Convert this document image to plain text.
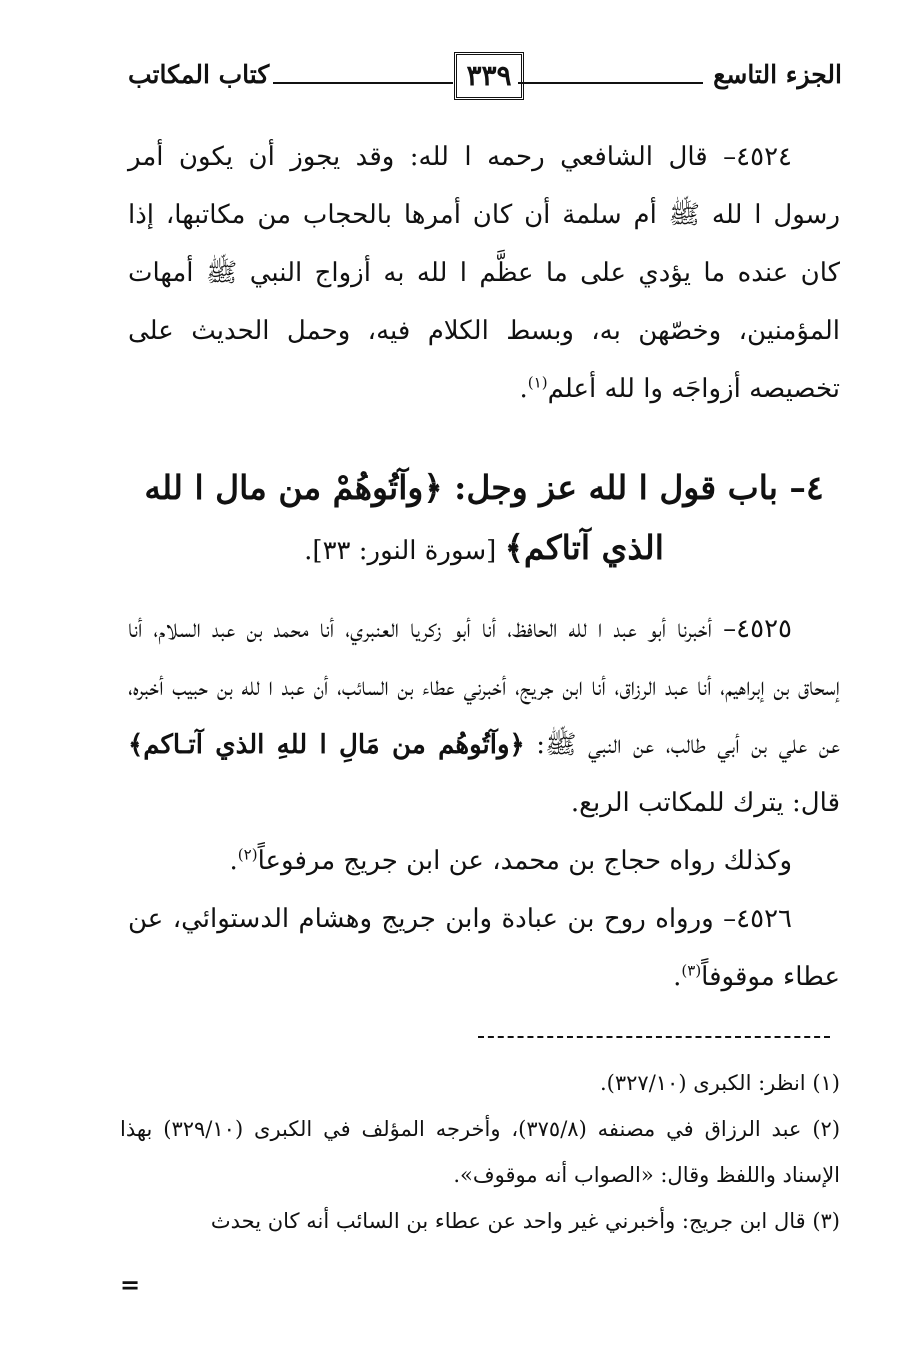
الجزء التاسع
٣٣٩
كتاب المكاتب

٤٥٢٤– قال الشافعي رحمه ا لله: وقد يجوز أن يكون أمر رسول ا لله ﷺ أم سلمة أن كان أمرها بالحجاب من مكاتبها، إذا كان عنده ما يؤدي على ما عظَّم ا لله به أزواج النبي ﷺ أمهات المؤمنين، وخصّهن به، وبسط الكلام فيه، وحمل الحديث على تخصيصه أزواجَه وا لله أعلم$^{(١)}$.

٤– باب قول ا لله عز وجل: ﴿وآتُوهُمْ من مال ا لله الذي آتاكم﴾ [سورة النور: ٣٣].

٤٥٢٥– أخبرنا أبو عبد ا لله الحافظ، أنا أبو زكريا العنبري، أنا محمد بن عبد السلام، أنا إسحاق بن إبراهيم، أنا عبد الرزاق، أنا ابن جريج، أخبرني عطاء بن السائب، أن عبد ا لله بن حبيب أخبره، عن علي بن أبي طالب، عن النبي ﷺ: ﴿وآتُوهُم من مَالِ ا للهِ الذي آتـاكم﴾ قال: يترك للمكاتب الربع.

وكذلك رواه حجاج بن محمد، عن ابن جريج مرفوعاً$^{(٢)}$.

٤٥٢٦– ورواه روح بن عبادة وابن جريج وهشام الدستوائي، عن عطاء موقوفاً$^{(٣)}$.

(١) انظر: الكبرى (٣٢٧/١٠).

(٢) عبد الرزاق في مصنفه (٣٧٥/٨)، وأخرجه المؤلف في الكبرى (٣٢٩/١٠) بهذا الإسناد واللفظ وقال: «الصواب أنه موقوف».

(٣) قال ابن جريج: وأخبرني غير واحد عن عطاء بن السائب أنه كان يحدث

=
